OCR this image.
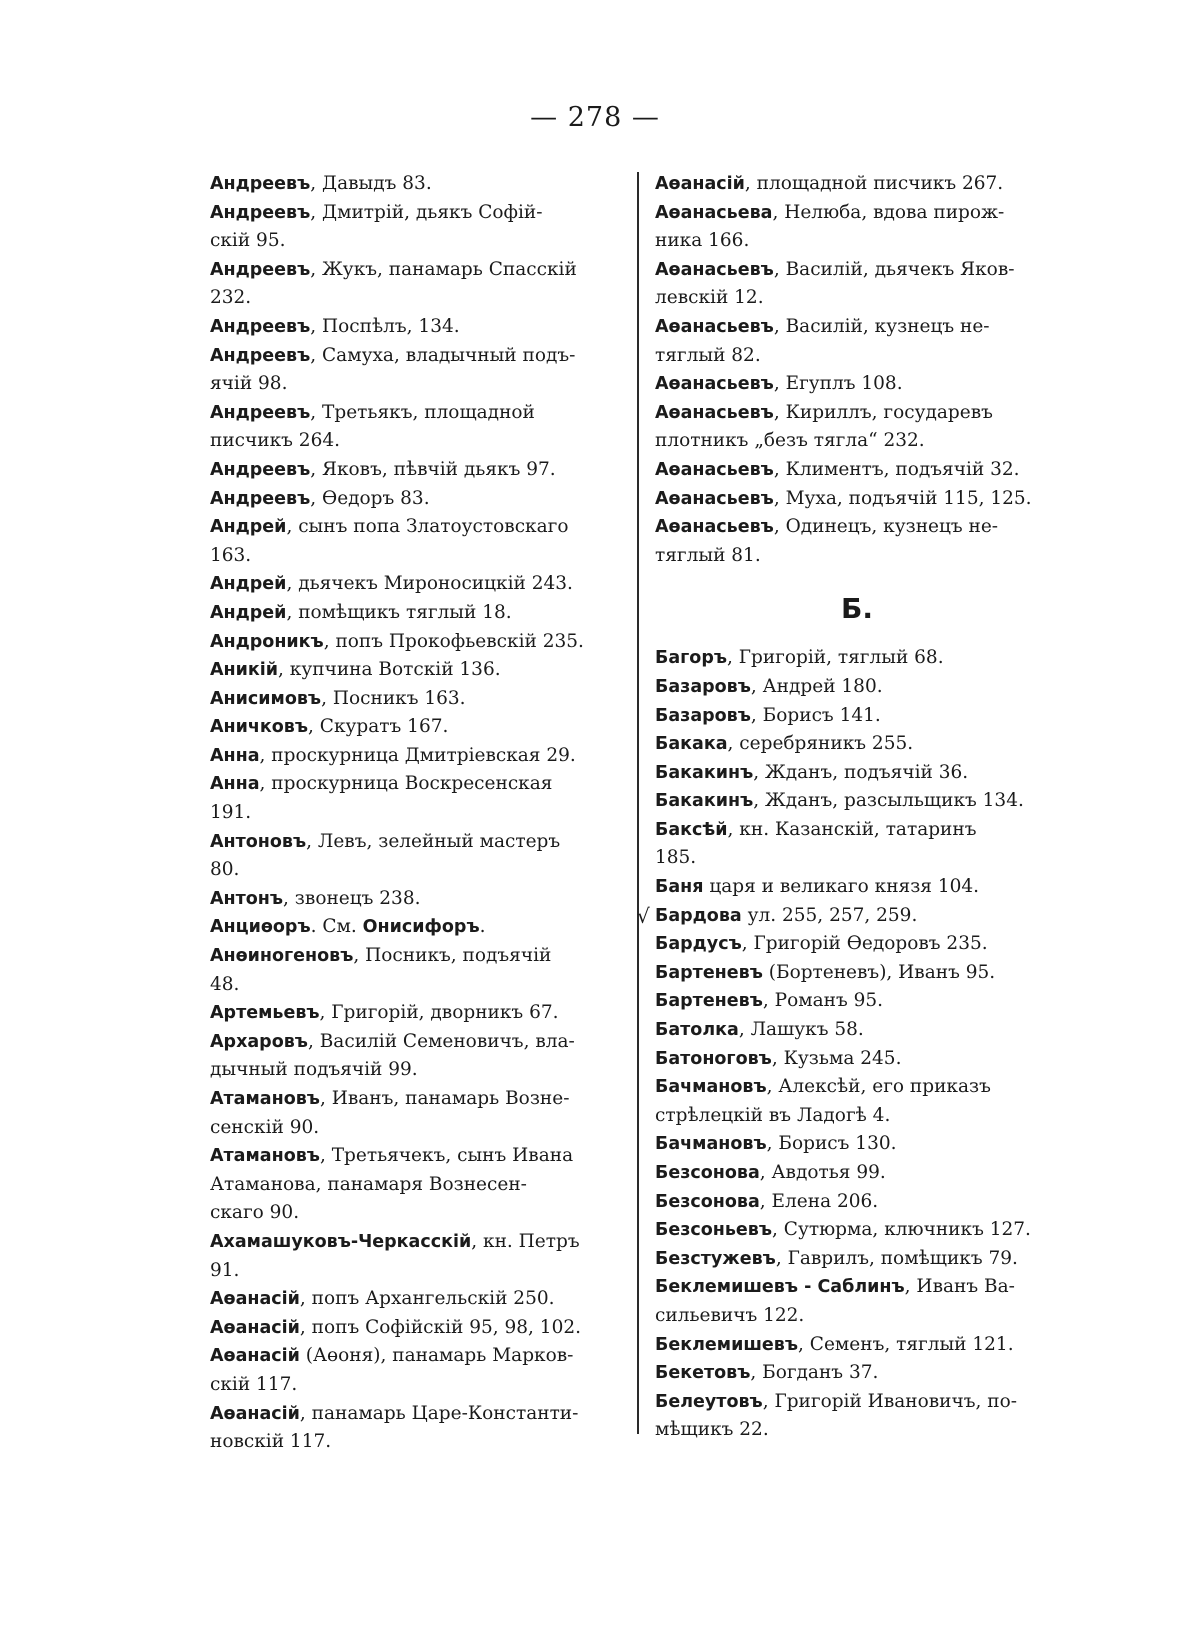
— 278 —

Андреевъ, Давыдъ 83.

Андреевъ, Дмитрій, дьякъ Софій-
скій 95.

Андреевъ, Жукъ, панамарь Спасскій
232.

Андреевъ, Поспѣлъ, 134.

Андреевъ, Самуха, владычный подъ-
ячій 98.

Андреевъ, Третьякъ, площадной
писчикъ 264.

Андреевъ, Яковъ, пѣвчій дьякъ 97.

Андреевъ, Өедоръ 83.

Андрей, сынъ попа Златоустовскаго
163.

Андрей, дьячекъ Мироносицкій 243.

Андрей, помѣщикъ тяглый 18.

Андроникъ, попъ Прокофьевскій 235.

Аникій, купчина Вотскій 136.

Анисимовъ, Посникъ 163.

Аничковъ, Скуратъ 167.

Анна, проскурница Дмитріевская 29.

Анна, проскурница Воскресенская
191.

Антоновъ, Левъ, зелейный мастеръ
80.

Антонъ, звонецъ 238.

Анциөоръ. См. Онисифоръ.

Анөиногеновъ, Посникъ, подъячій
48.

Артемьевъ, Григорій, дворникъ 67.

Архаровъ, Василій Семеновичъ, вла-
дычный подъячій 99.

Атамановъ, Иванъ, панамарь Возне-
сенскій 90.

Атамановъ, Третьячекъ, сынъ Ивана
Атаманова, панамаря Вознесен-
скаго 90.

Ахамашуковъ-Черкасскій, кн. Петръ
91.

Аөанасій, попъ Архангельскій 250.

Аөанасій, попъ Софійскій 95, 98, 102.

Аөанасій (Аөоня), панамарь Марков-
скій 117.

Аөанасій, панамарь Царе-Константи-
новскій 117.

Аөанасій, площадной писчикъ 267.

Аөанасьева, Нелюба, вдова пирож-
ника 166.

Аөанасьевъ, Василій, дьячекъ Яков-
левскій 12.

Аөанасьевъ, Василій, кузнецъ не-
тяглый 82.

Аөанасьевъ, Егуплъ 108.

Аөанасьевъ, Кириллъ, государевъ
плотникъ „безъ тягла“ 232.

Аөанасьевъ, Климентъ, подъячій 32.

Аөанасьевъ, Муха, подъячій 115, 125.

Аөанасьевъ, Одинецъ, кузнецъ не-
тяглый 81.

Б.

Багоръ, Григорій, тяглый 68.

Базаровъ, Андрей 180.

Базаровъ, Борисъ 141.

Бакака, серебряникъ 255.

Бакакинъ, Жданъ, подъячій 36.

Бакакинъ, Жданъ, разсыльщикъ 134.

Баксѣй, кн. Казанскій, татаринъ
185.

Баня царя и великаго князя 104.

√ Бардова ул. 255, 257, 259.

Бардусъ, Григорій Өедоровъ 235.

Бартеневъ (Бортеневъ), Иванъ 95.

Бартеневъ, Романъ 95.

Батолка, Лашукъ 58.

Батоноговъ, Кузьма 245.

Бачмановъ, Алексѣй, его приказъ
стрѣлецкій въ Ладогѣ 4.

Бачмановъ, Борисъ 130.

Безсонова, Авдотья 99.

Безсонова, Елена 206.

Безсоньевъ, Сутюрма, ключникъ 127.

Безстужевъ, Гаврилъ, помѣщикъ 79.

Беклемишевъ - Саблинъ, Иванъ Ва-
сильевичъ 122.

Беклемишевъ, Семенъ, тяглый 121.

Бекетовъ, Богданъ 37.

Белеутовъ, Григорій Ивановичъ, по-
мѣщикъ 22.
